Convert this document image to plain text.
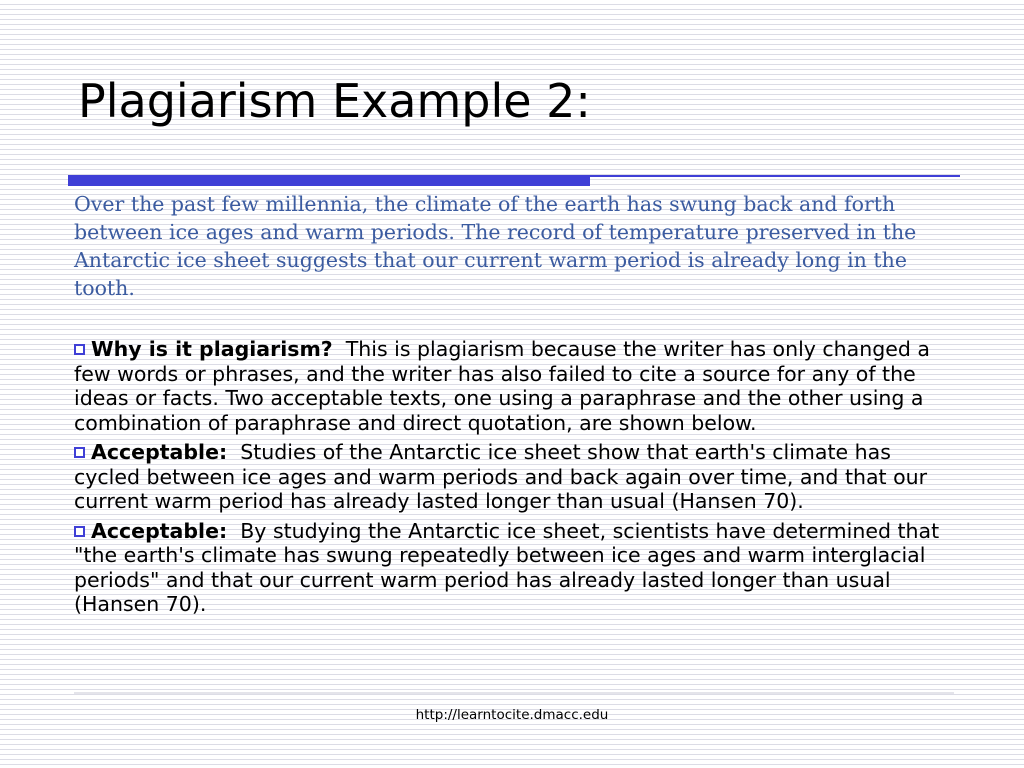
Plagiarism Example 2:

Over the past few millennia, the climate of the earth has swung back and forth between ice ages and warm periods. The record of temperature preserved in the Antarctic ice sheet suggests that our current warm period is already long in the tooth.

Why is it plagiarism? This is plagiarism because the writer has only changed a few words or phrases, and the writer has also failed to cite a source for any of the ideas or facts. Two acceptable texts, one using a paraphrase and the other using a combination of paraphrase and direct quotation, are shown below.
Acceptable: Studies of the Antarctic ice sheet show that earth's climate has cycled between ice ages and warm periods and back again over time, and that our current warm period has already lasted longer than usual (Hansen 70).
Acceptable: By studying the Antarctic ice sheet, scientists have determined that "the earth's climate has swung repeatedly between ice ages and warm interglacial periods" and that our current warm period has already lasted longer than usual (Hansen 70).
http://learntocite.dmacc.edu
